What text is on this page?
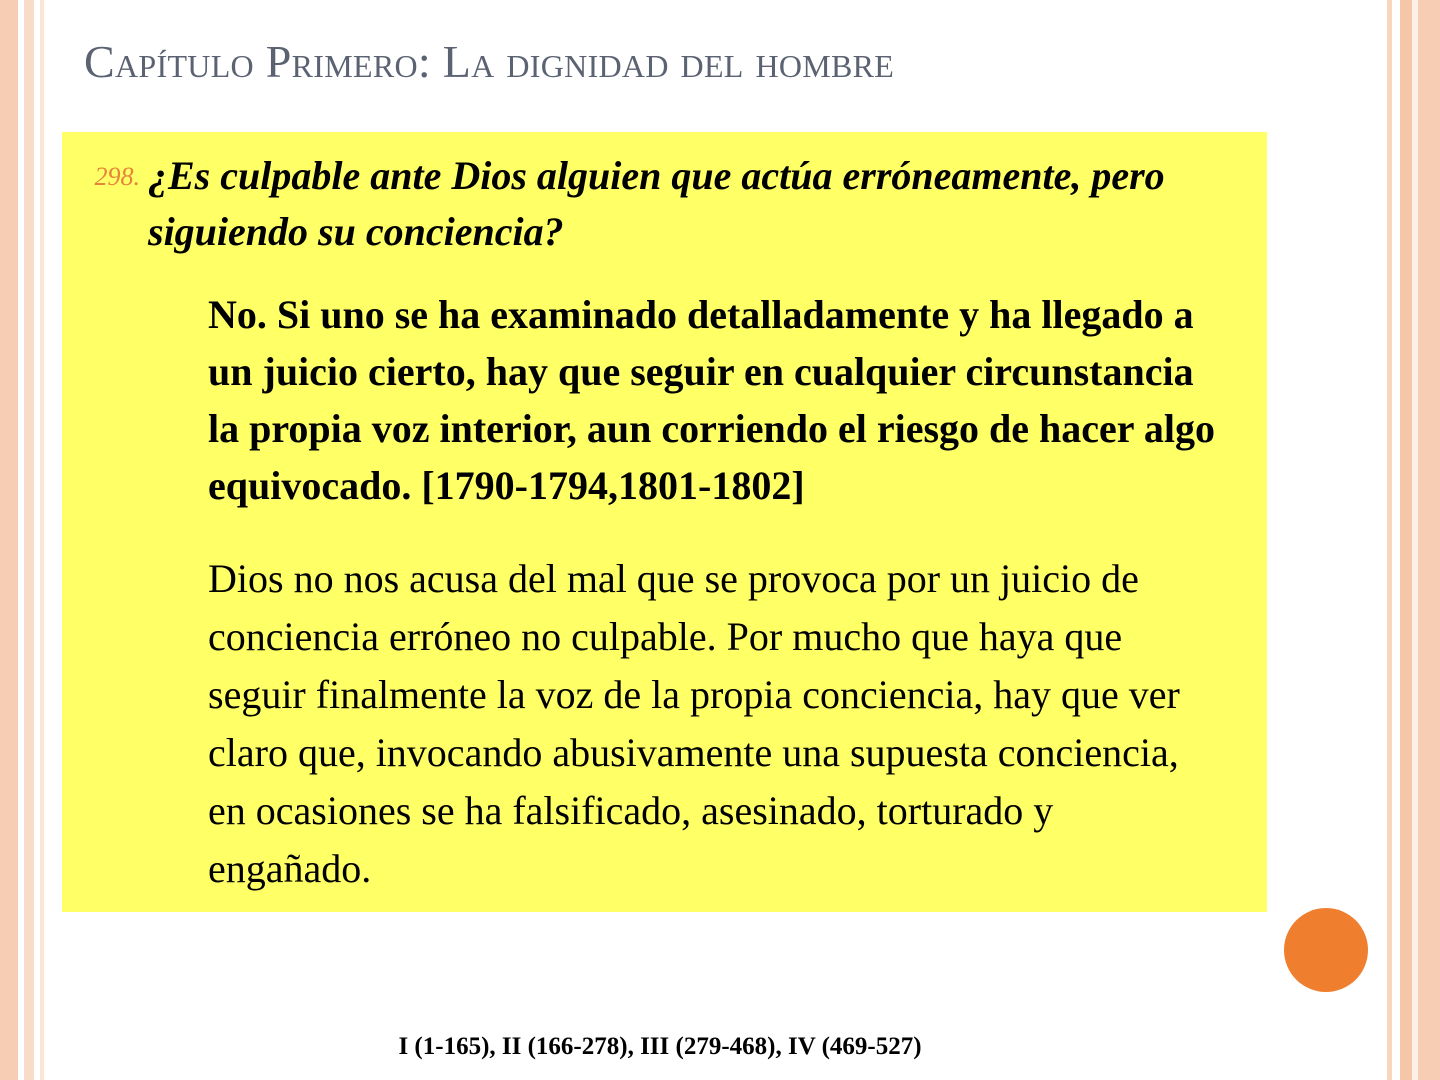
Capítulo Primero: La dignidad del hombre
298. ¿Es culpable ante Dios alguien que actúa erróneamente, pero siguiendo su conciencia?
No. Si uno se ha examinado detalladamente y ha llegado a un juicio cierto, hay que seguir en cualquier circunstancia la propia voz interior, aun corriendo el riesgo de hacer algo equivocado. [1790-1794,1801-1802]
Dios no nos acusa del mal que se provoca por un juicio de conciencia erróneo no culpable. Por mucho que haya que seguir finalmente la voz de la propia conciencia, hay que ver claro que, invocando abusivamente una supuesta conciencia, en ocasiones se ha falsificado, asesinado, torturado y engañado.
I (1-165), II (166-278), III (279-468), IV (469-527)
